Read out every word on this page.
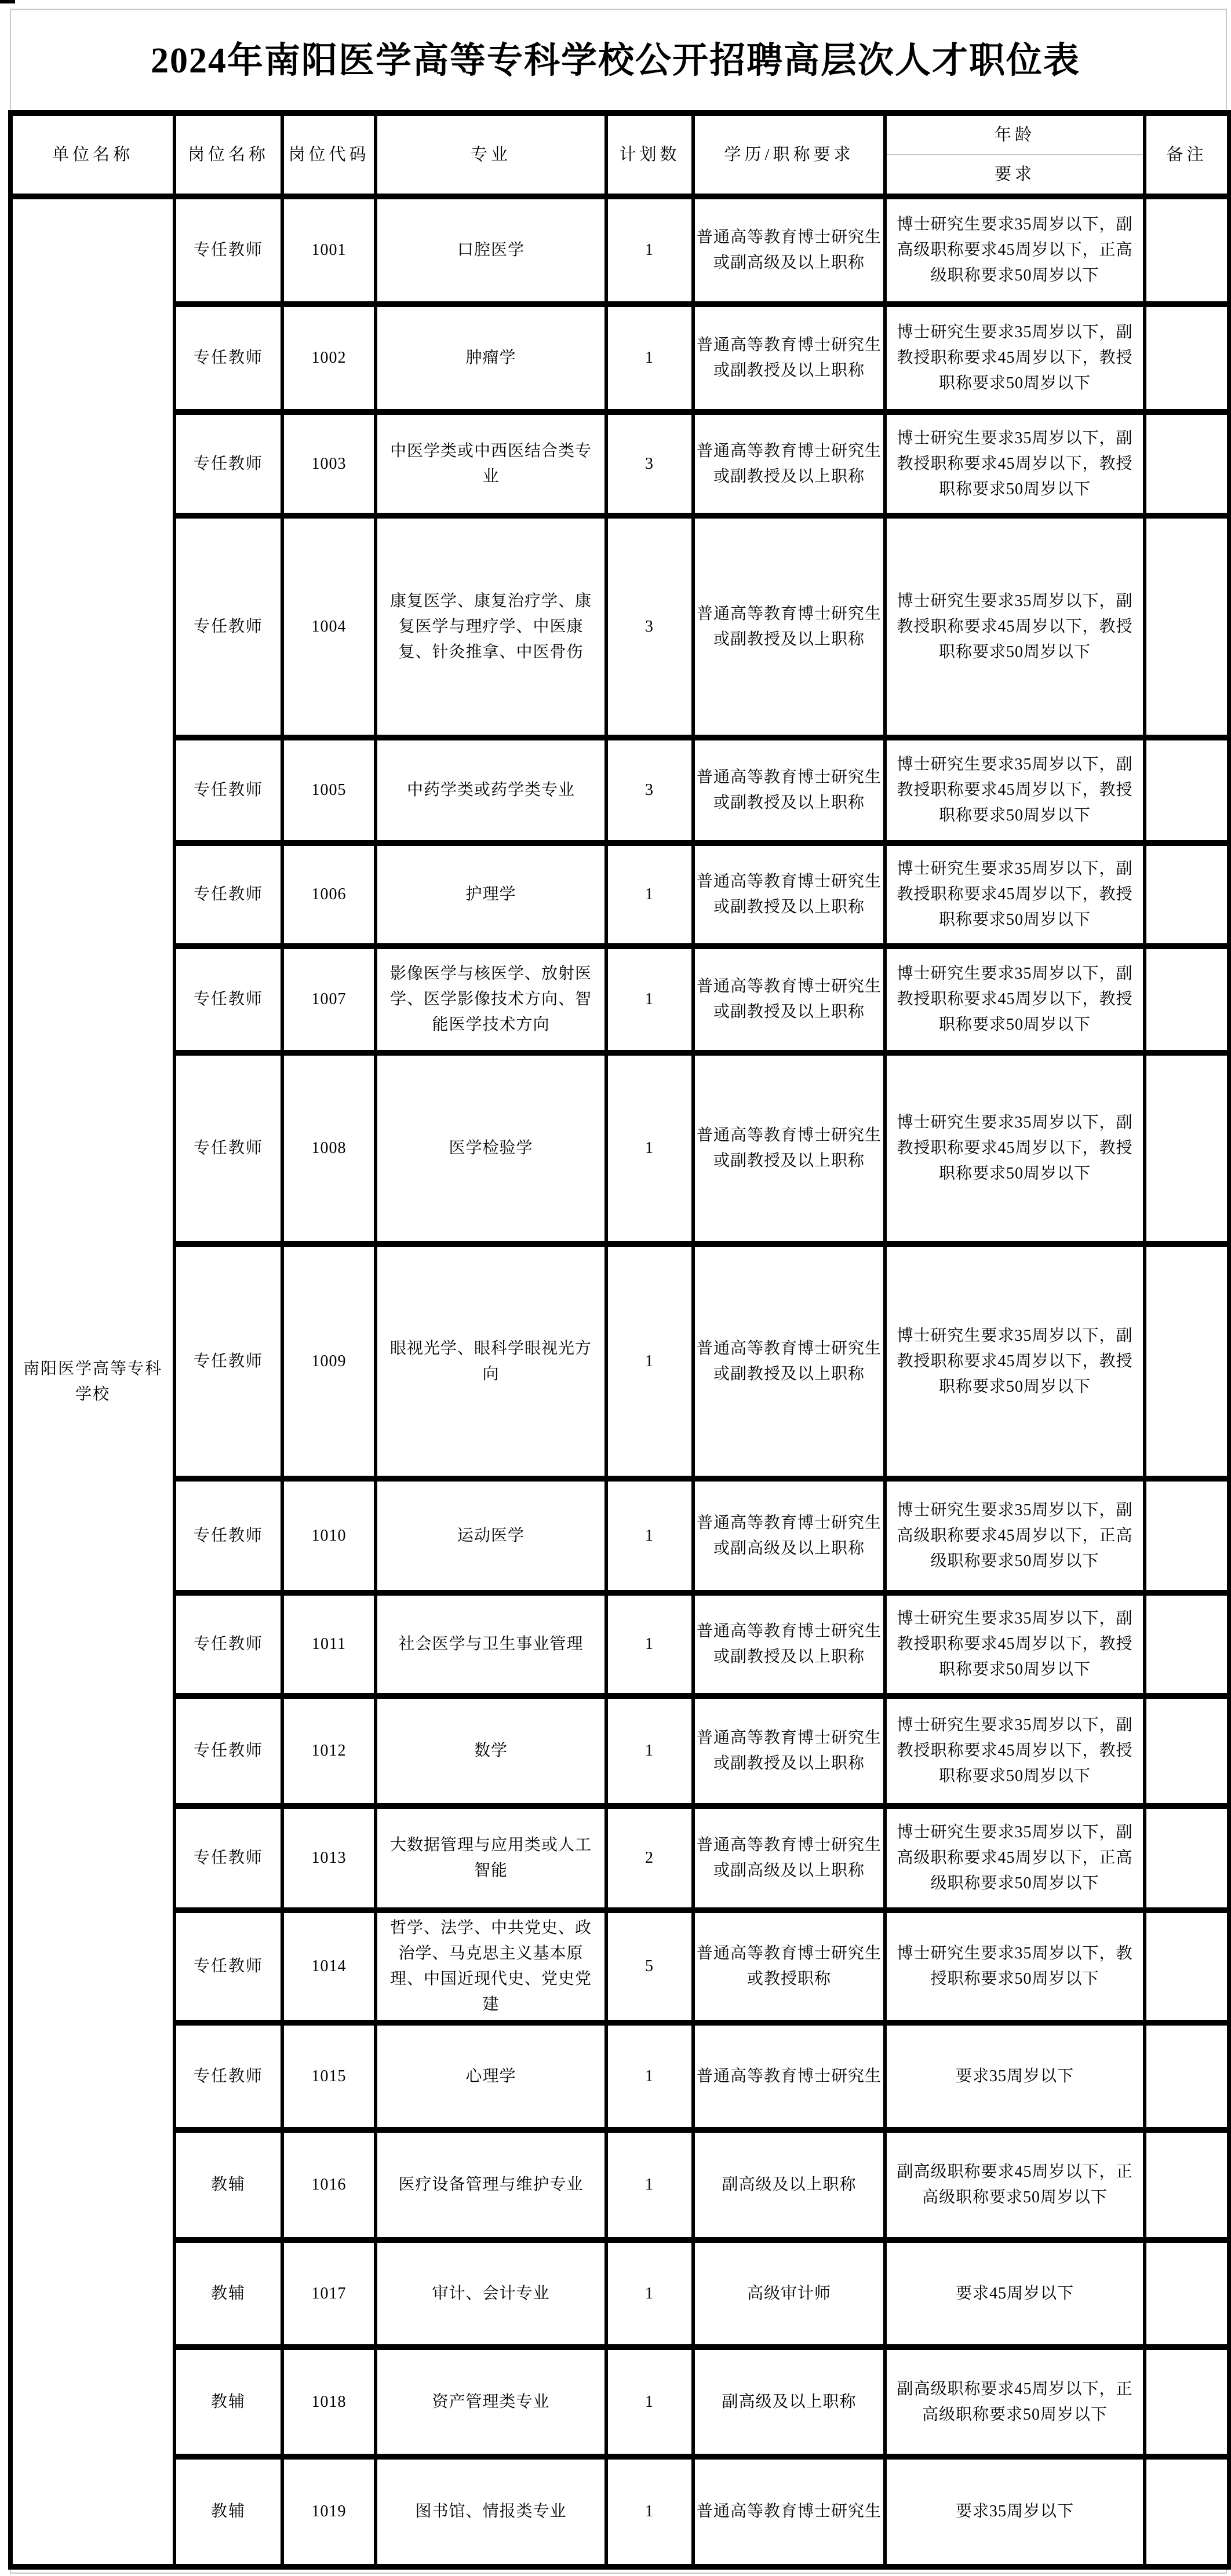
2024年南阳医学高等专科学校公开招聘高层次人才职位表
单位名称	岗位名称	岗位代码	专业	计划数	学历/职称要求	年龄	备注
						要求	
南阳医学高等专科学校	专任教师	1001	口腔医学	1	普通高等教育博士研究生或副高级及以上职称	博士研究生要求35周岁以下，副高级职称要求45周岁以下，正高级职称要求50周岁以下	
	专任教师	1002	肿瘤学	1	普通高等教育博士研究生或副教授及以上职称	博士研究生要求35周岁以下，副教授职称要求45周岁以下，教授职称要求50周岁以下	
	专任教师	1003	中医学类或中西医结合类专业	3	普通高等教育博士研究生或副教授及以上职称	博士研究生要求35周岁以下，副教授职称要求45周岁以下，教授职称要求50周岁以下	
	专任教师	1004	康复医学、康复治疗学、康复医学与理疗学、中医康复、针灸推拿、中医骨伤	3	普通高等教育博士研究生或副教授及以上职称	博士研究生要求35周岁以下，副教授职称要求45周岁以下，教授职称要求50周岁以下	
	专任教师	1005	中药学类或药学类专业	3	普通高等教育博士研究生或副教授及以上职称	博士研究生要求35周岁以下，副教授职称要求45周岁以下，教授职称要求50周岁以下	
	专任教师	1006	护理学	1	普通高等教育博士研究生或副教授及以上职称	博士研究生要求35周岁以下，副教授职称要求45周岁以下，教授职称要求50周岁以下	
	专任教师	1007	影像医学与核医学、放射医学、医学影像技术方向、智能医学技术方向	1	普通高等教育博士研究生或副教授及以上职称	博士研究生要求35周岁以下，副教授职称要求45周岁以下，教授职称要求50周岁以下	
	专任教师	1008	医学检验学	1	普通高等教育博士研究生或副教授及以上职称	博士研究生要求35周岁以下，副教授职称要求45周岁以下，教授职称要求50周岁以下	
	专任教师	1009	眼视光学、眼科学眼视光方向	1	普通高等教育博士研究生或副教授及以上职称	博士研究生要求35周岁以下，副教授职称要求45周岁以下，教授职称要求50周岁以下	
	专任教师	1010	运动医学	1	普通高等教育博士研究生或副高级及以上职称	博士研究生要求35周岁以下，副高级职称要求45周岁以下，正高级职称要求50周岁以下	
	专任教师	1011	社会医学与卫生事业管理	1	普通高等教育博士研究生或副教授及以上职称	博士研究生要求35周岁以下，副教授职称要求45周岁以下，教授职称要求50周岁以下	
	专任教师	1012	数学	1	普通高等教育博士研究生或副教授及以上职称	博士研究生要求35周岁以下，副教授职称要求45周岁以下，教授职称要求50周岁以下	
	专任教师	1013	大数据管理与应用类或人工智能	2	普通高等教育博士研究生或副高级及以上职称	博士研究生要求35周岁以下，副高级职称要求45周岁以下，正高级职称要求50周岁以下	
	专任教师	1014	哲学、法学、中共党史、政治学、马克思主义基本原理、中国近现代史、党史党建	5	普通高等教育博士研究生或教授职称	博士研究生要求35周岁以下，教授职称要求50周岁以下	
	专任教师	1015	心理学	1	普通高等教育博士研究生	要求35周岁以下	
	教辅	1016	医疗设备管理与维护专业	1	副高级及以上职称	副高级职称要求45周岁以下，正高级职称要求50周岁以下	
	教辅	1017	审计、会计专业	1	高级审计师	要求45周岁以下	
	教辅	1018	资产管理类专业	1	副高级及以上职称	副高级职称要求45周岁以下，正高级职称要求50周岁以下	
	教辅	1019	图书馆、情报类专业	1	普通高等教育博士研究生	要求35周岁以下	
